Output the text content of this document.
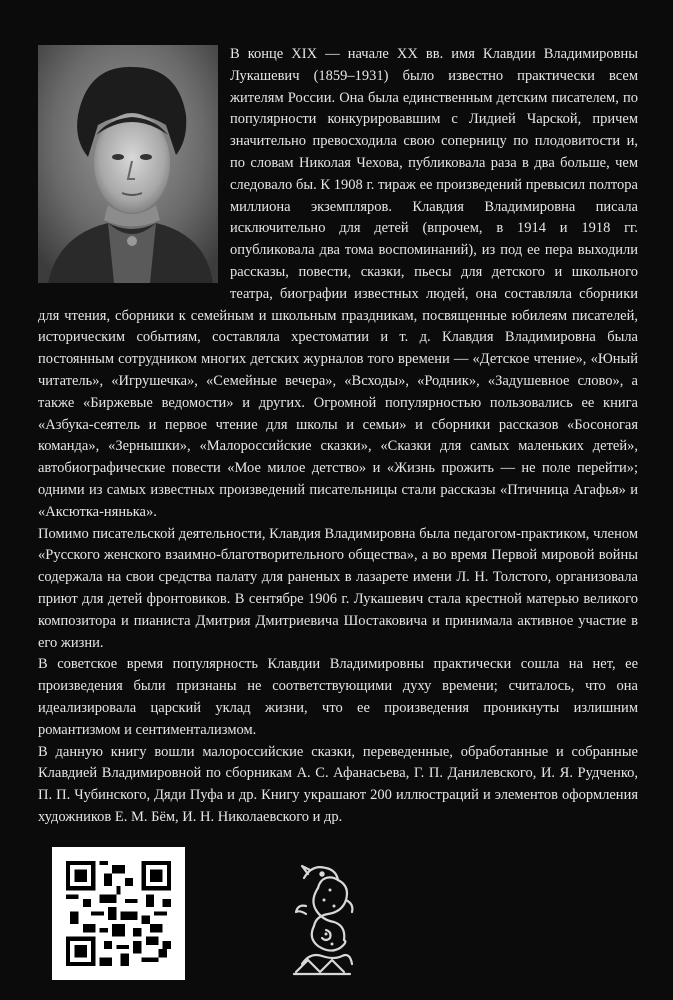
В конце XIX — начале XX вв. имя Клавдии Владимировны Лукашевич (1859–1931) было известно практически всем жителям России. Она была единственным детским писателем, по популярности конкурировавшим с Лидией Чарской, причем значительно превосходила свою соперницу по плодовитости и, по словам Николая Чехова, публиковала раза в два больше, чем следовало бы. К 1908 г. тираж ее произведений превысил полтора миллиона экземпляров. Клавдия Владимировна писала исключительно для детей (впрочем, в 1914 и 1918 гг. опубликовала два тома воспоминаний), из под ее пера выходили рассказы, повести, сказки, пьесы для детского и школьного театра, биографии известных людей, она составляла сборники для чтения, сборники к семейным и школьным праздникам, посвященные юбилеям писателей, историческим событиям, составляла хрестоматии и т. д. Клавдия Владимировна была постоянным сотрудником многих детских журналов того времени — «Детское чтение», «Юный читатель», «Игрушечка», «Семейные вечера», «Всходы», «Родник», «Задушевное слово», а также «Биржевые ведомости» и других. Огромной популярностью пользовались ее книга «Азбука-сеятель и первое чтение для школы и семьи» и сборники рассказов «Босоногая команда», «Зернышки», «Малороссийские сказки», «Сказки для самых маленьких детей», автобиографические повести «Мое милое детство» и «Жизнь прожить — не поле перейти»; одними из самых известных произведений писательницы стали рассказы «Птичница Агафья» и «Аксютка-нянька».

Помимо писательской деятельности, Клавдия Владимировна была педагогом-практиком, членом «Русского женского взаимно-благотворительного общества», а во время Первой мировой войны содержала на свои средства палату для раненых в лазарете имени Л. Н. Толстого, организовала приют для детей фронтовиков. В сентябре 1906 г. Лукашевич стала крестной матерью великого композитора и пианиста Дмитрия Дмитриевича Шостаковича и принимала активное участие в его жизни.

В советское время популярность Клавдии Владимировны практически сошла на нет, ее произведения были признаны не соответствующими духу времени; считалось, что она идеализировала царский уклад жизни, что ее произведения проникнуты излишним романтизмом и сентиментализмом.

В данную книгу вошли малороссийские сказки, переведенные, обработанные и собранные Клавдией Владимировной по сборникам А. С. Афанасьева, Г. П. Данилевского, И. Я. Рудченко, П. П. Чубинского, Дяди Пуфа и др. Книгу украшают 200 иллюстраций и элементов оформления художников Е. М. Бём, И. Н. Николаевского и др.
